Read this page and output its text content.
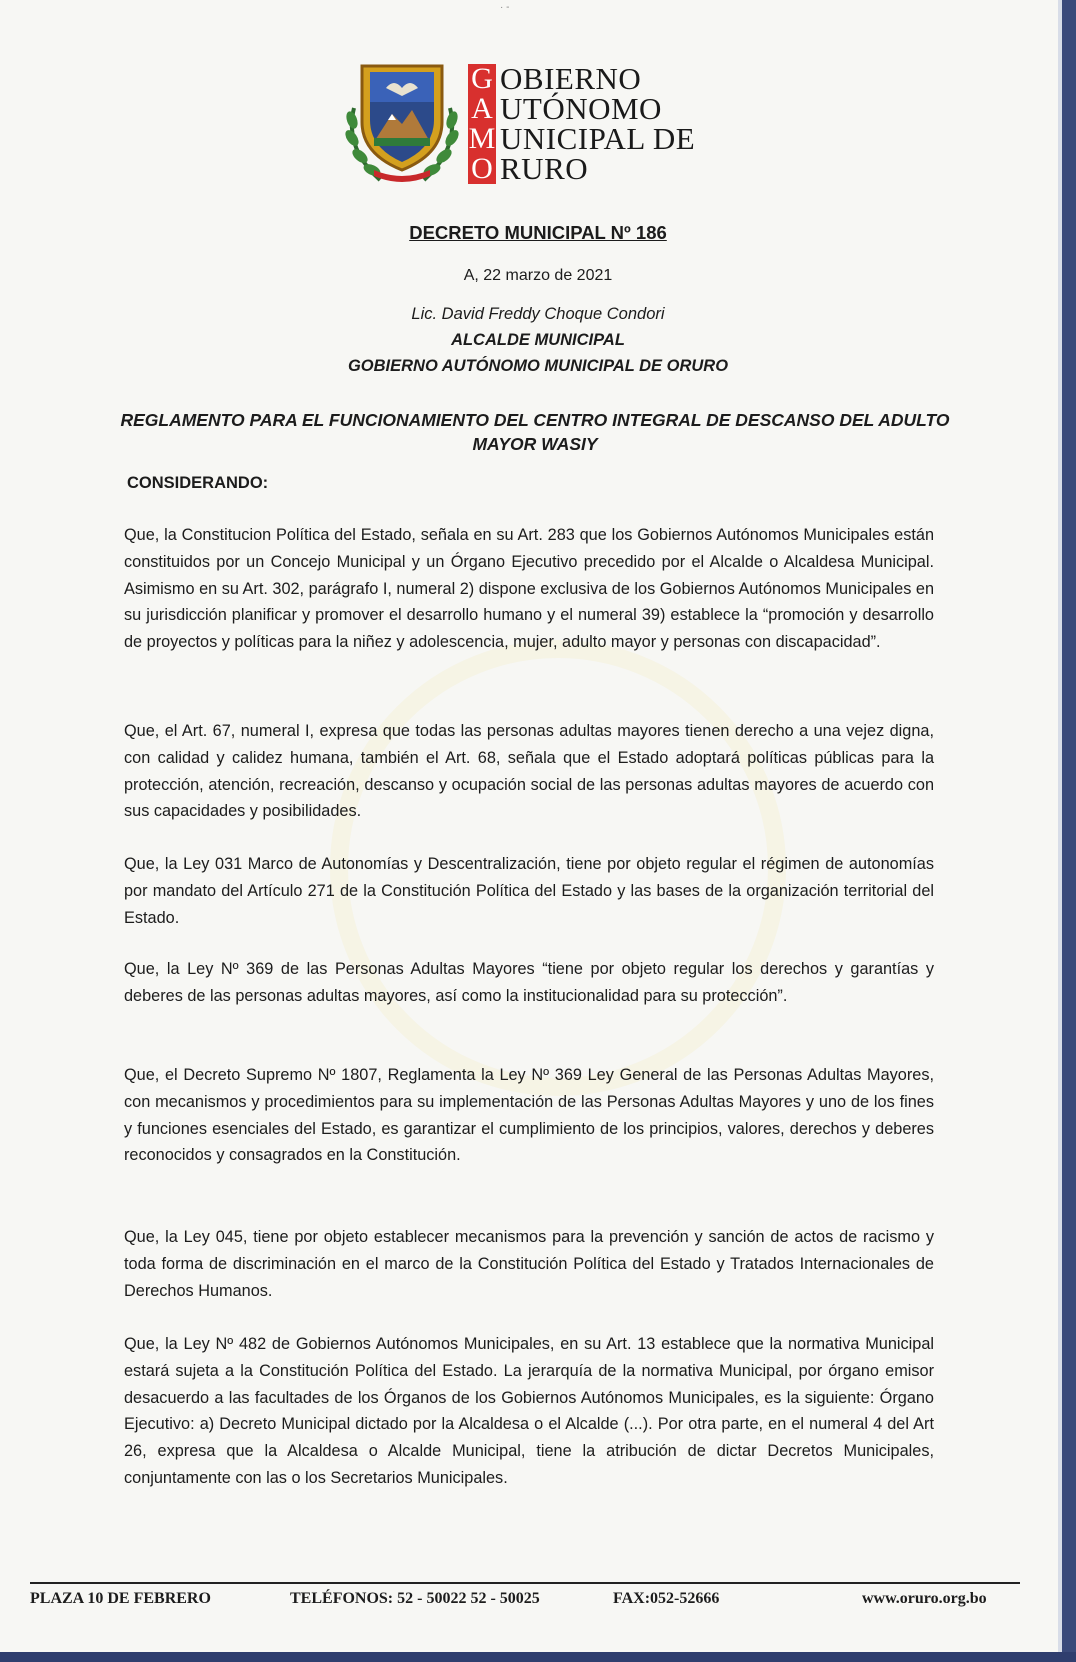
· -
G
A
M
O
OBIERNO
UTÓNOMO
UNICIPAL DE
RURO
DECRETO MUNICIPAL Nº 186
A, 22 marzo de 2021
Lic. David Freddy Choque Condori
ALCALDE MUNICIPAL
GOBIERNO AUTÓNOMO MUNICIPAL DE ORURO
REGLAMENTO PARA EL FUNCIONAMIENTO DEL CENTRO INTEGRAL DE DESCANSO DEL ADULTO MAYOR WASIY
CONSIDERANDO:
Que, la Constitucion Política del Estado, señala en su Art. 283 que los Gobiernos Autónomos Municipales están constituidos por un Concejo Municipal y un Órgano Ejecutivo precedido por el Alcalde o Alcaldesa Municipal. Asimismo en su Art. 302, parágrafo I, numeral 2) dispone exclusiva de los Gobiernos Autónomos Municipales en su jurisdicción planificar y promover el desarrollo humano y el numeral 39) establece la “promoción y desarrollo de proyectos y políticas para la niñez y adolescencia, mujer, adulto mayor y personas con discapacidad”.
Que, el Art. 67, numeral I, expresa que todas las personas adultas mayores tienen derecho a una vejez digna, con calidad y calidez humana, también el Art. 68, señala que el Estado adoptará políticas públicas para la protección, atención, recreación, descanso y ocupación social de las personas adultas mayores de acuerdo con sus capacidades y posibilidades.
Que, la Ley 031 Marco de Autonomías y Descentralización, tiene por objeto regular el régimen de autonomías por mandato del Artículo 271 de la Constitución Política del Estado y las bases de la organización territorial del Estado.
Que, la Ley Nº 369 de las Personas Adultas Mayores “tiene por objeto regular los derechos y garantías y deberes de las personas adultas mayores, así como la institucionalidad para su protección”.
Que, el Decreto Supremo Nº 1807, Reglamenta la Ley Nº 369 Ley General de las Personas Adultas Mayores, con mecanismos y procedimientos para su implementación de las Personas Adultas Mayores y uno de los fines y funciones esenciales del Estado, es garantizar el cumplimiento de los principios, valores, derechos y deberes reconocidos y consagrados en la Constitución.
Que, la Ley 045, tiene por objeto establecer mecanismos para la prevención y sanción de actos de racismo y toda forma de discriminación en el marco de la Constitución Política del Estado y Tratados Internacionales de Derechos Humanos.
Que, la Ley Nº 482 de Gobiernos Autónomos Municipales, en su Art. 13 establece que la normativa Municipal estará sujeta a la Constitución Política del Estado. La jerarquía de la normativa Municipal, por órgano emisor desacuerdo a las facultades de los Órganos de los Gobiernos Autónomos Municipales, es la siguiente: Órgano Ejecutivo: a) Decreto Municipal dictado por la Alcaldesa o el Alcalde (...). Por otra parte, en el numeral 4 del Art 26, expresa que la Alcaldesa o Alcalde Municipal, tiene la atribución de dictar Decretos Municipales, conjuntamente con las o los Secretarios Municipales.
PLAZA 10 DE FEBRERO	TELÉFONOS: 52 - 50022 52 - 50025	FAX:052-52666	www.oruro.org.bo
